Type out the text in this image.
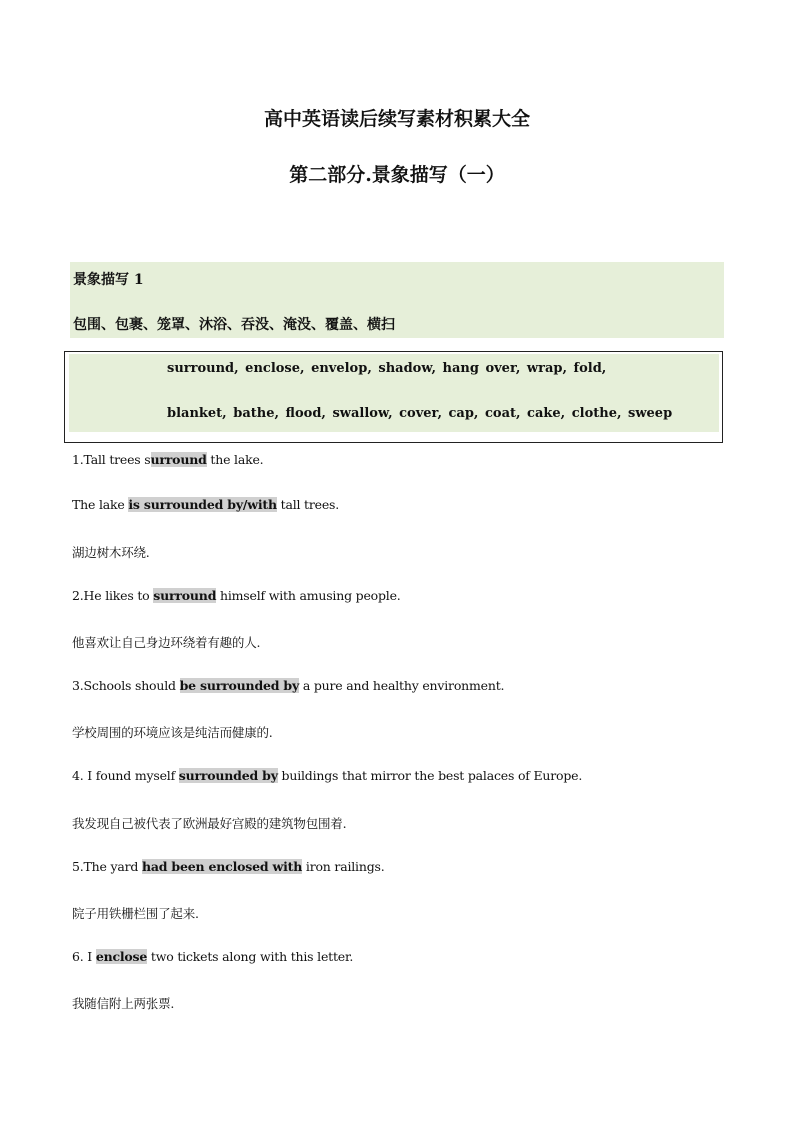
高中英语读后续写素材积累大全
第二部分.景象描写（一）
景象描写 1
包围、包裹、笼罩、沐浴、吞没、淹没、覆盖、横扫
surround, enclose, envelop, shadow, hang over, wrap, fold,
blanket, bathe, flood, swallow, cover, cap, coat, cake, clothe, sweep
1.Tall trees surround the lake.
The lake is surrounded by/with tall trees.
湖边树木环绕.
2.He likes to surround himself with amusing people.
他喜欢让自己身边环绕着有趣的人.
3.Schools should be surrounded by a pure and healthy environment.
学校周围的环境应该是纯洁而健康的.
4. I found myself surrounded by buildings that mirror the best palaces of Europe.
我发现自己被代表了欧洲最好宫殿的建筑物包围着.
5.The yard had been enclosed with iron railings.
院子用铁栅栏围了起来.
6. I enclose two tickets along with this letter.
我随信附上两张票.
